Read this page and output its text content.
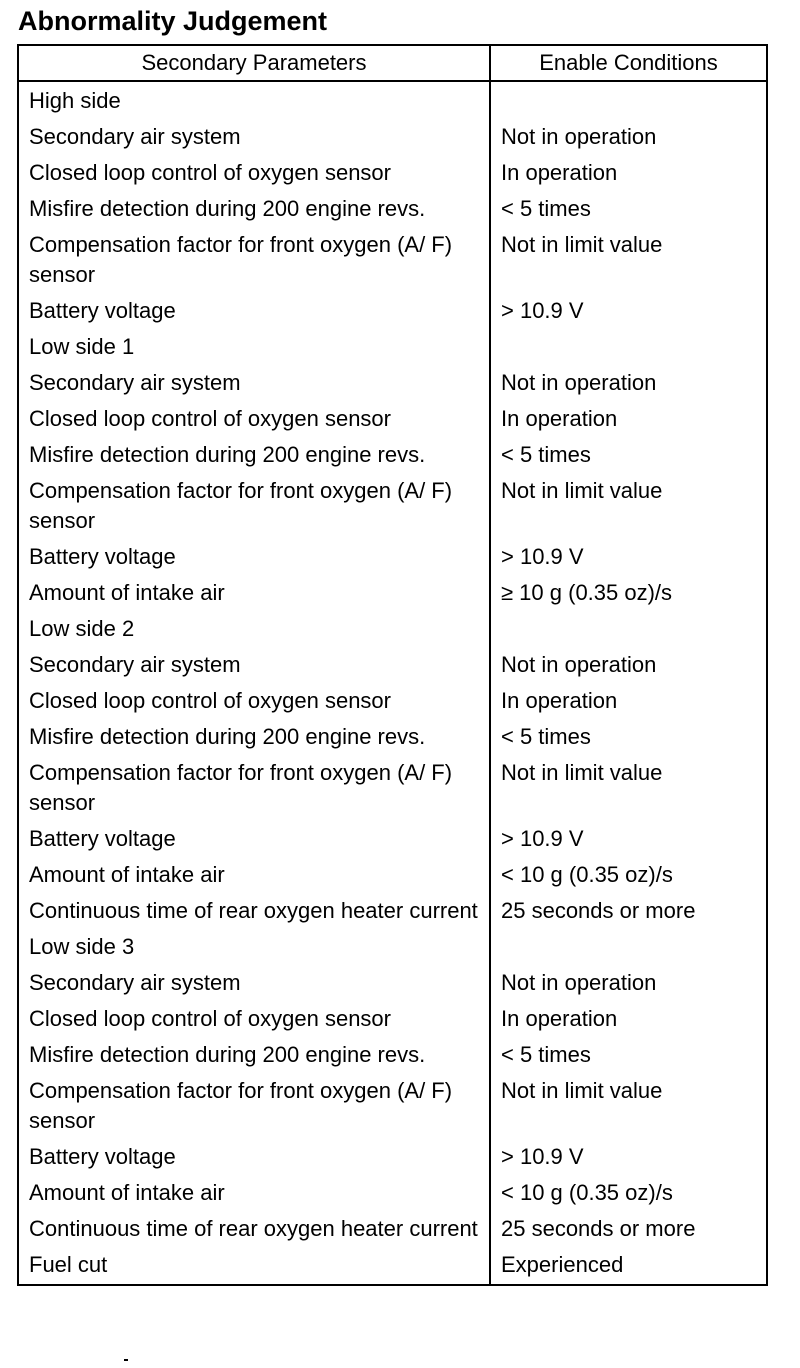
Abnormality Judgement
Secondary Parameters	Enable Conditions
High side	
Secondary air system	Not in operation
Closed loop control of oxygen sensor	In operation
Misfire detection during 200 engine revs.	< 5 times
Compensation factor for front oxygen (A/ F) sensor	Not in limit value
Battery voltage	> 10.9 V
Low side 1	
Secondary air system	Not in operation
Closed loop control of oxygen sensor	In operation
Misfire detection during 200 engine revs.	< 5 times
Compensation factor for front oxygen (A/ F) sensor	Not in limit value
Battery voltage	> 10.9 V
Amount of intake air	≥ 10 g (0.35 oz)/s
Low side 2	
Secondary air system	Not in operation
Closed loop control of oxygen sensor	In operation
Misfire detection during 200 engine revs.	< 5 times
Compensation factor for front oxygen (A/ F) sensor	Not in limit value
Battery voltage	> 10.9 V
Amount of intake air	< 10 g (0.35 oz)/s
Continuous time of rear oxygen heater current	25 seconds or more
Low side 3	
Secondary air system	Not in operation
Closed loop control of oxygen sensor	In operation
Misfire detection during 200 engine revs.	< 5 times
Compensation factor for front oxygen (A/ F) sensor	Not in limit value
Battery voltage	> 10.9 V
Amount of intake air	< 10 g (0.35 oz)/s
Continuous time of rear oxygen heater current	25 seconds or more
Fuel cut	Experienced
